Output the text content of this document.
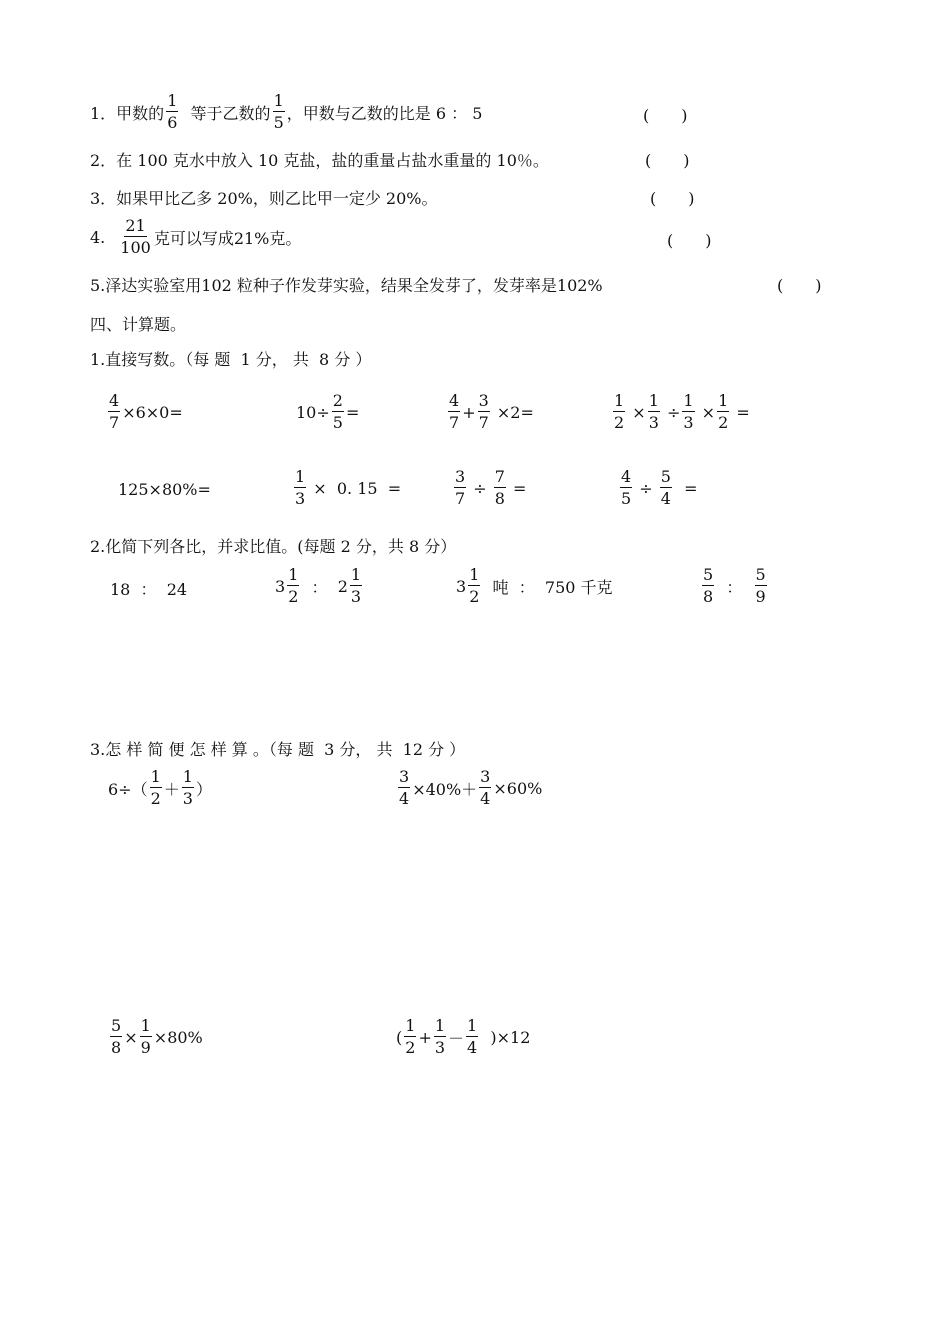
1．甲数的 $\frac{1}{6}$ 等于乙数的 $\frac{1}{5}$ ，甲数与乙数的比是 6 ： 5	(　　)
2．在 100 克水中放入 10 克盐，盐的重量占盐水重量的 10％。	(　　)
3．如果甲比乙多 20%，则乙比甲一定少 20%。	(　　)
4. $\frac{21}{100}$ 克可以写成21%克。	(　　)
5.泽达实验室用102 粒种子作发芽实验，结果全发芽了，发芽率是102%	(　　)
四、计算题。
1.直接写数。（每 题  1 分， 共  8 分 ）
$\frac{4}{7} \times 6\times 0=$	$10\div \frac{2}{5}$ =	$\frac{4}{7} + \frac{3}{7} \times 2=$	$\frac{1}{2} \times \frac{1}{3} \div \frac{1}{3} \times \frac{1}{2}$ =
125×80%=	$\frac{1}{3} \times 0$. 15  =	$\frac{3}{7} \div \frac{7}{8}$ =	$\frac{4}{5} \div \frac{5}{4}$ =
2.化简下列各比，并求比值。(每题 2 分，共 8 分）
18  ：  24	$3 \frac{1}{2}$ ： $2 \frac{1}{3}$	$3 \frac{1}{2}$ 吨  ：  750 千克	$\frac{5}{8}$ ： $\frac{5}{9}$
3.怎 样 简 便 怎 样 算 。（每 题  3 分， 共  12 分 ）
$6\div( \frac{1}{2} + \frac{1}{3}$ ）	$\frac{3}{4} \times 40\%+ \frac{3}{4} \times 60\%$
$\frac{5}{8} \times \frac{1}{9} \times 80\%$	( $\frac{1}{2} + \frac{1}{3} - \frac{1}{4} )\times 12$
